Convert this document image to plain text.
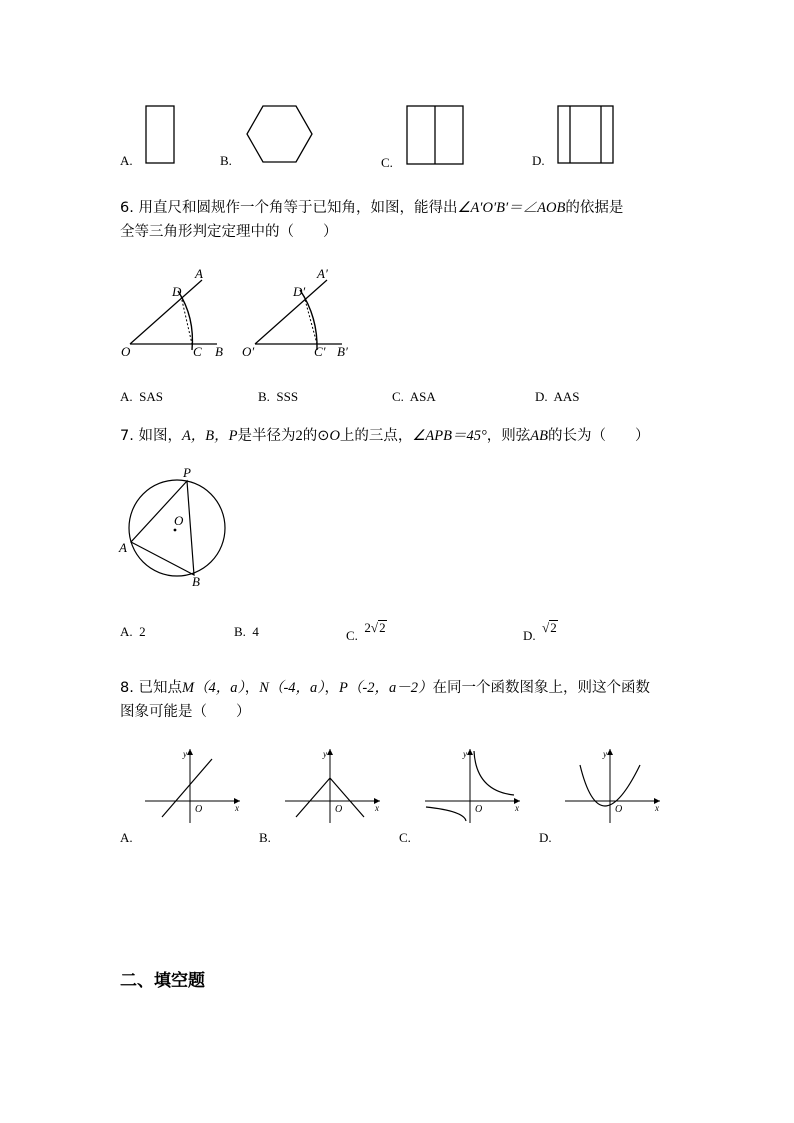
A.	B.	C.	D.
6. 用直尺和圆规作一个角等于已知角，如图，能得出∠A′O′B′＝∠AOB的依据是
全等三角形判定定理中的（　　）
A
D
O	C B
A′
D′
O′	C′ B′
A. SAS	B. SSS	C. ASA	D. AAS
7. 如图，A，B，P是半径为2的⊙O上的三点，∠APB＝45°，则弦AB的长为（　　）
P
O
A
B
A. 2	B. 4	C.  2√2
D.  √2
8. 已知点M（4，a），N（-4，a），P（-2，a－2）在同一个函数图象上，则这个函数
图象可能是（　　）
y
x
O
A.
y
x
O
B.
y
x
O
C.
y
x
O
D.
二、填空题
